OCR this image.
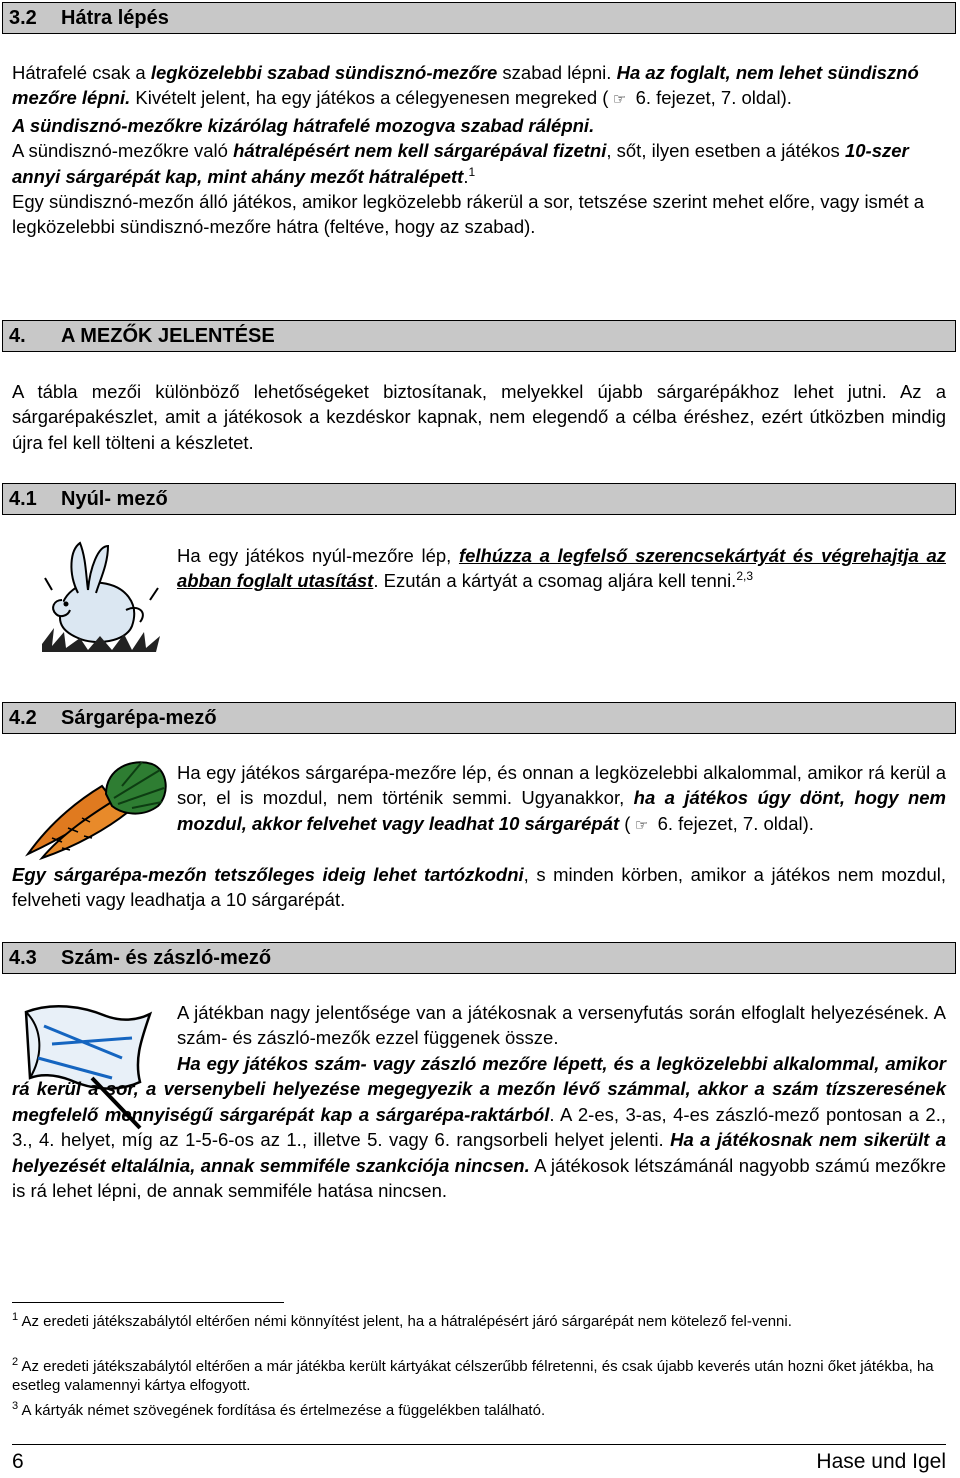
3.2 Hátra lépés
Hátrafelé csak a legközelebbi szabad sündisznó-mezőre szabad lépni. Ha az foglalt, nem lehet sündisznó mezőre lépni. Kivételt jelent, ha egy játékos a célegyenesen megreked ( ☞ 6. fejezet, 7. oldal).
A sündisznó-mezőkre kizárólag hátrafelé mozogva szabad rálépni.
A sündisznó-mezőkre való hátralépésért nem kell sárgarépával fizetni, sőt, ilyen esetben a játékos 10-szer annyi sárgarépát kap, mint ahány mezőt hátralépett.$^1$
Egy sündisznó-mezőn álló játékos, amikor legközelebb rákerül a sor, tetszése szerint mehet előre, vagy ismét a legközelebbi sündisznó-mezőre hátra (feltéve, hogy az szabad).
4. A MEZŐK JELENTÉSE
A tábla mezői különböző lehetőségeket biztosítanak, melyekkel újabb sárgarépákhoz lehet jutni. Az a sárgarépakészlet, amit a játékosok a kezdéskor kapnak, nem elegendő a célba éréshez, ezért útközben mindig újra fel kell tölteni a készletet.
4.1 Nyúl- mező
Ha egy játékos nyúl-mezőre lép, felhúzza a legfelső szerencsekártyát és végrehajtja az abban foglalt utasítást. Ezután a kártyát a csomag aljára kell tenni.$^{2,3}$
4.2 Sárgarépa-mező
Ha egy játékos sárgarépa-mezőre lép, és onnan a legközelebbi alkalommal, amikor rá kerül a sor, el is mozdul, nem történik semmi. Ugyanakkor, ha a játékos úgy dönt, hogy nem mozdul, akkor felvehet vagy leadhat 10 sárgarépát ( ☞ 6. fejezet, 7. oldal).
Egy sárgarépa-mezőn tetszőleges ideig lehet tartózkodni, s minden körben, amikor a játékos nem mozdul, felveheti vagy leadhatja a 10 sárgarépát.
4.3 Szám- és zászló-mező
A játékban nagy jelentősége van a játékosnak a versenyfutás során elfoglalt helyezésének. A szám- és zászló-mezők ezzel függenek össze.
Ha egy játékos szám- vagy zászló mezőre lépett, és a legközelebbi alkalommal, amikor rá kerül a sor, a versenybeli helyezése megegyezik a mezőn lévő számmal, akkor a szám tízszeresének megfelelő mennyiségű sárgarépát kap a sárgarépa-raktárból. A 2-es, 3-as, 4-es zászló-mező pontosan a 2., 3., 4. helyet, míg az 1-5-6-os az 1., illetve 5. vagy 6. rangsorbeli helyet jelenti. Ha a játékosnak nem sikerült a helyezését eltalálnia, annak semmiféle szankciója nincsen. A játékosok létszámánál nagyobb számú mezőkre is rá lehet lépni, de annak semmiféle hatása nincsen.
$^1$ Az eredeti játékszabálytól eltérően némi könnyítést jelent, ha a hátralépésért járó sárgarépát nem kötelező fel-venni.
$^2$ Az eredeti játékszabálytól eltérően a már játékba került kártyákat célszerűbb félretenni, és csak újabb keverés után hozni őket játékba, ha esetleg valamennyi kártya elfogyott.
$^3$ A kártyák német szövegének fordítása és értelmezése a függelékben található.
6	Hase und Igel
